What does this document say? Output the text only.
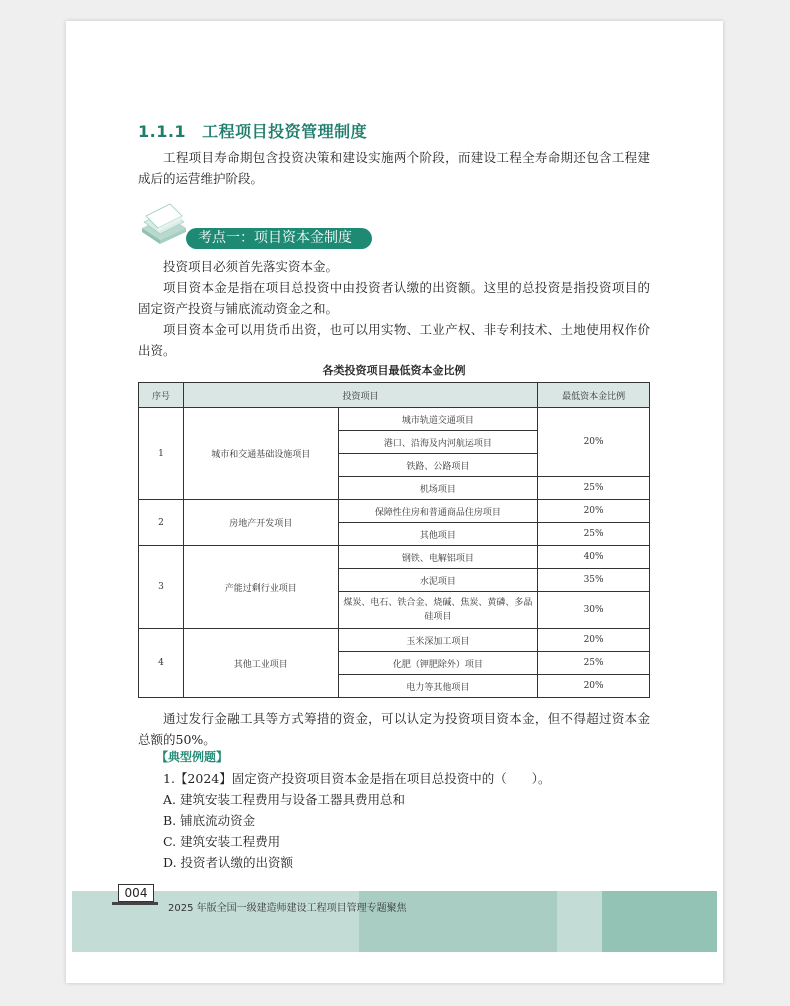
1.1.1 工程项目投资管理制度
工程项目寿命期包含投资决策和建设实施两个阶段，而建设工程全寿命期还包含工程建成后的运营维护阶段。
考点一：项目资本金制度
投资项目必须首先落实资本金。
项目资本金是指在项目总投资中由投资者认缴的出资额。这里的总投资是指投资项目的固定资产投资与铺底流动资金之和。
项目资本金可以用货币出资，也可以用实物、工业产权、非专利技术、土地使用权作价出资。
各类投资项目最低资本金比例
序号	投资项目		最低资本金比例
1	城市和交通基础设施项目	城市轨道交通项目	20%
		港口、沿海及内河航运项目	
		铁路、公路项目	
		机场项目	25%
2	房地产开发项目	保障性住房和普通商品住房项目	20%
		其他项目	25%
3	产能过剩行业项目	钢铁、电解铝项目	40%
		水泥项目	35%
		煤炭、电石、铁合金、烧碱、焦炭、黄磷、多晶硅项目	30%
4	其他工业项目	玉米深加工项目	20%
		化肥（钾肥除外）项目	25%
		电力等其他项目	20%
通过发行金融工具等方式筹措的资金，可以认定为投资项目资本金，但不得超过资本金总额的50%。
【典型例题】
1.【2024】固定资产投资项目资本金是指在项目总投资中的（　　）。
A. 建筑安装工程费用与设备工器具费用总和
B. 铺底流动资金
C. 建筑安装工程费用
D. 投资者认缴的出资额
004
2025 年版全国一级建造师建设工程项目管理专题聚焦
